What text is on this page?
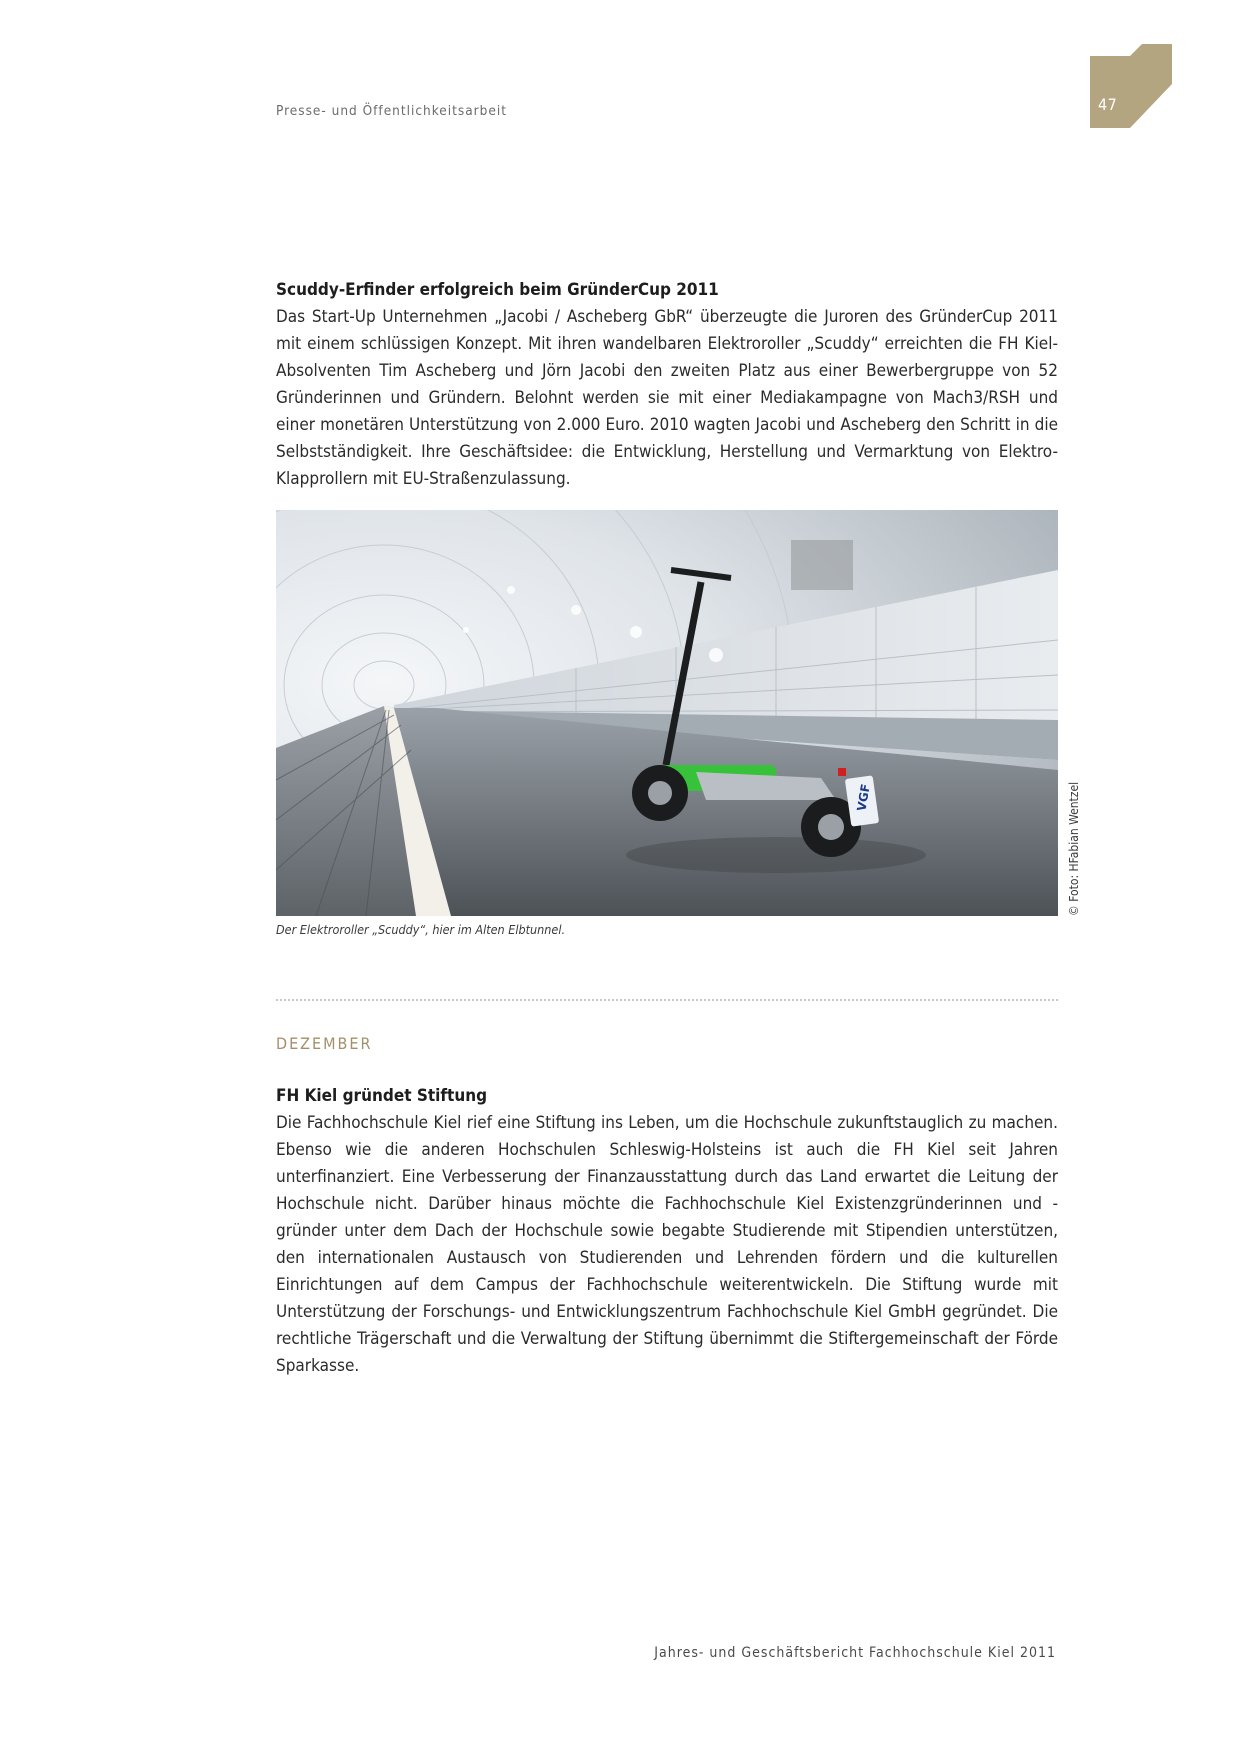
Presse- und Öffentlichkeitsarbeit	47
Scuddy-Erfinder erfolgreich beim GründerCup 2011

Das Start-Up Unternehmen „Jacobi / Ascheberg GbR“ überzeugte die Juroren des GründerCup 2011 mit einem schlüssigen Konzept. Mit ihren wandelbaren Elektroroller „Scuddy“ erreichten die FH Kiel-Absolventen Tim Ascheberg und Jörn Jacobi den zweiten Platz aus einer Bewerbergruppe von 52 Gründerinnen und Gründern. Belohnt werden sie mit einer Mediakampagne von Mach3/RSH und einer monetären Unterstützung von 2.000 Euro. 2010 wagten Jacobi und Ascheberg den Schritt in die Selbstständigkeit. Ihre Geschäftsidee: die Entwicklung, Herstellung und Vermarktung von Elektro-Klapprollern mit EU-Straßenzulassung.

VGF	© Foto: HFabian Wentzel
Der Elektroroller „Scuddy“, hier im Alten Elbtunnel.
DEZEMBER
FH Kiel gründet Stiftung

Die Fachhochschule Kiel rief eine Stiftung ins Leben, um die Hochschule zukunftstauglich zu machen. Ebenso wie die anderen Hochschulen Schleswig-Holsteins ist auch die FH Kiel seit Jahren unterfinanziert. Eine Verbesserung der Finanzausstattung durch das Land erwartet die Leitung der Hochschule nicht. Darüber hinaus möchte die Fachhochschule Kiel Existenzgründerinnen und -gründer unter dem Dach der Hochschule sowie begabte Studierende mit Stipendien unterstützen, den internationalen Austausch von Studierenden und Lehrenden fördern und die kulturellen Einrichtungen auf dem Campus der Fachhochschule weiterentwickeln. Die Stiftung wurde mit Unterstützung der Forschungs- und Entwicklungszentrum Fachhochschule Kiel GmbH gegründet. Die rechtliche Trägerschaft und die Verwaltung der Stiftung übernimmt die Stiftergemeinschaft der Förde Sparkasse.

Jahres- und Geschäftsbericht Fachhochschule Kiel 2011
